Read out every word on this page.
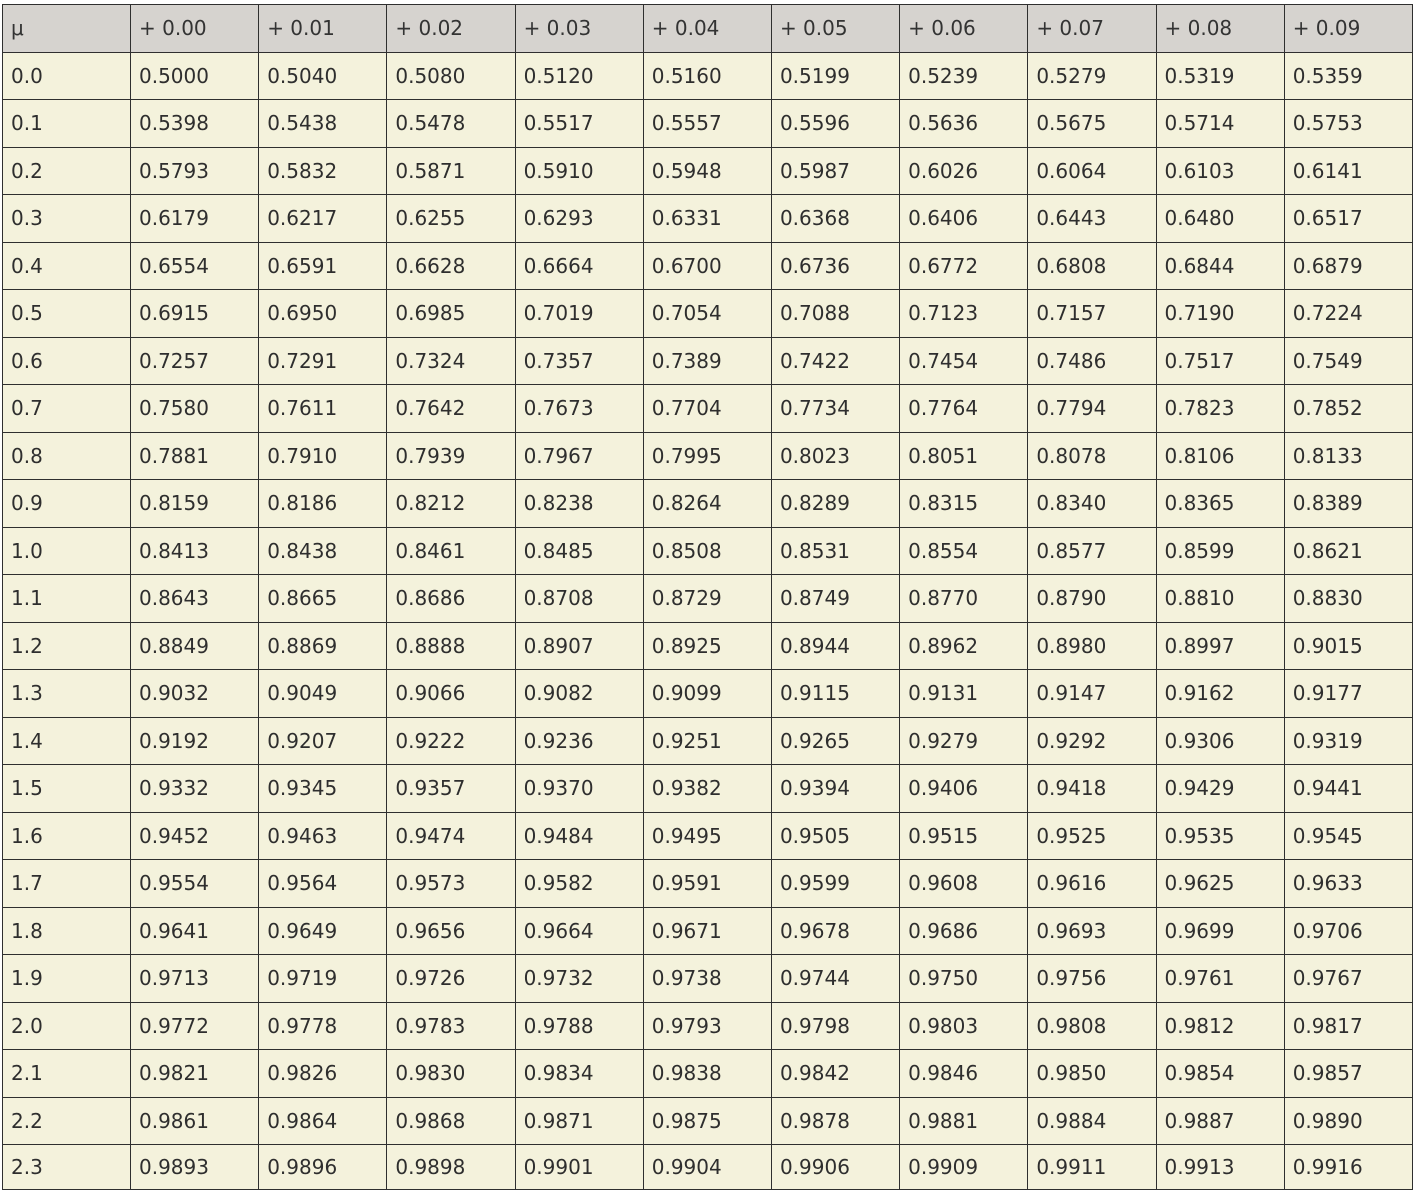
μ	+ 0.00	+ 0.01	+ 0.02	+ 0.03	+ 0.04	+ 0.05	+ 0.06	+ 0.07	+ 0.08	+ 0.09
0.0	0.5000	0.5040	0.5080	0.5120	0.5160	0.5199	0.5239	0.5279	0.5319	0.5359
0.1	0.5398	0.5438	0.5478	0.5517	0.5557	0.5596	0.5636	0.5675	0.5714	0.5753
0.2	0.5793	0.5832	0.5871	0.5910	0.5948	0.5987	0.6026	0.6064	0.6103	0.6141
0.3	0.6179	0.6217	0.6255	0.6293	0.6331	0.6368	0.6406	0.6443	0.6480	0.6517
0.4	0.6554	0.6591	0.6628	0.6664	0.6700	0.6736	0.6772	0.6808	0.6844	0.6879
0.5	0.6915	0.6950	0.6985	0.7019	0.7054	0.7088	0.7123	0.7157	0.7190	0.7224
0.6	0.7257	0.7291	0.7324	0.7357	0.7389	0.7422	0.7454	0.7486	0.7517	0.7549
0.7	0.7580	0.7611	0.7642	0.7673	0.7704	0.7734	0.7764	0.7794	0.7823	0.7852
0.8	0.7881	0.7910	0.7939	0.7967	0.7995	0.8023	0.8051	0.8078	0.8106	0.8133
0.9	0.8159	0.8186	0.8212	0.8238	0.8264	0.8289	0.8315	0.8340	0.8365	0.8389
1.0	0.8413	0.8438	0.8461	0.8485	0.8508	0.8531	0.8554	0.8577	0.8599	0.8621
1.1	0.8643	0.8665	0.8686	0.8708	0.8729	0.8749	0.8770	0.8790	0.8810	0.8830
1.2	0.8849	0.8869	0.8888	0.8907	0.8925	0.8944	0.8962	0.8980	0.8997	0.9015
1.3	0.9032	0.9049	0.9066	0.9082	0.9099	0.9115	0.9131	0.9147	0.9162	0.9177
1.4	0.9192	0.9207	0.9222	0.9236	0.9251	0.9265	0.9279	0.9292	0.9306	0.9319
1.5	0.9332	0.9345	0.9357	0.9370	0.9382	0.9394	0.9406	0.9418	0.9429	0.9441
1.6	0.9452	0.9463	0.9474	0.9484	0.9495	0.9505	0.9515	0.9525	0.9535	0.9545
1.7	0.9554	0.9564	0.9573	0.9582	0.9591	0.9599	0.9608	0.9616	0.9625	0.9633
1.8	0.9641	0.9649	0.9656	0.9664	0.9671	0.9678	0.9686	0.9693	0.9699	0.9706
1.9	0.9713	0.9719	0.9726	0.9732	0.9738	0.9744	0.9750	0.9756	0.9761	0.9767
2.0	0.9772	0.9778	0.9783	0.9788	0.9793	0.9798	0.9803	0.9808	0.9812	0.9817
2.1	0.9821	0.9826	0.9830	0.9834	0.9838	0.9842	0.9846	0.9850	0.9854	0.9857
2.2	0.9861	0.9864	0.9868	0.9871	0.9875	0.9878	0.9881	0.9884	0.9887	0.9890
2.3	0.9893	0.9896	0.9898	0.9901	0.9904	0.9906	0.9909	0.9911	0.9913	0.9916
